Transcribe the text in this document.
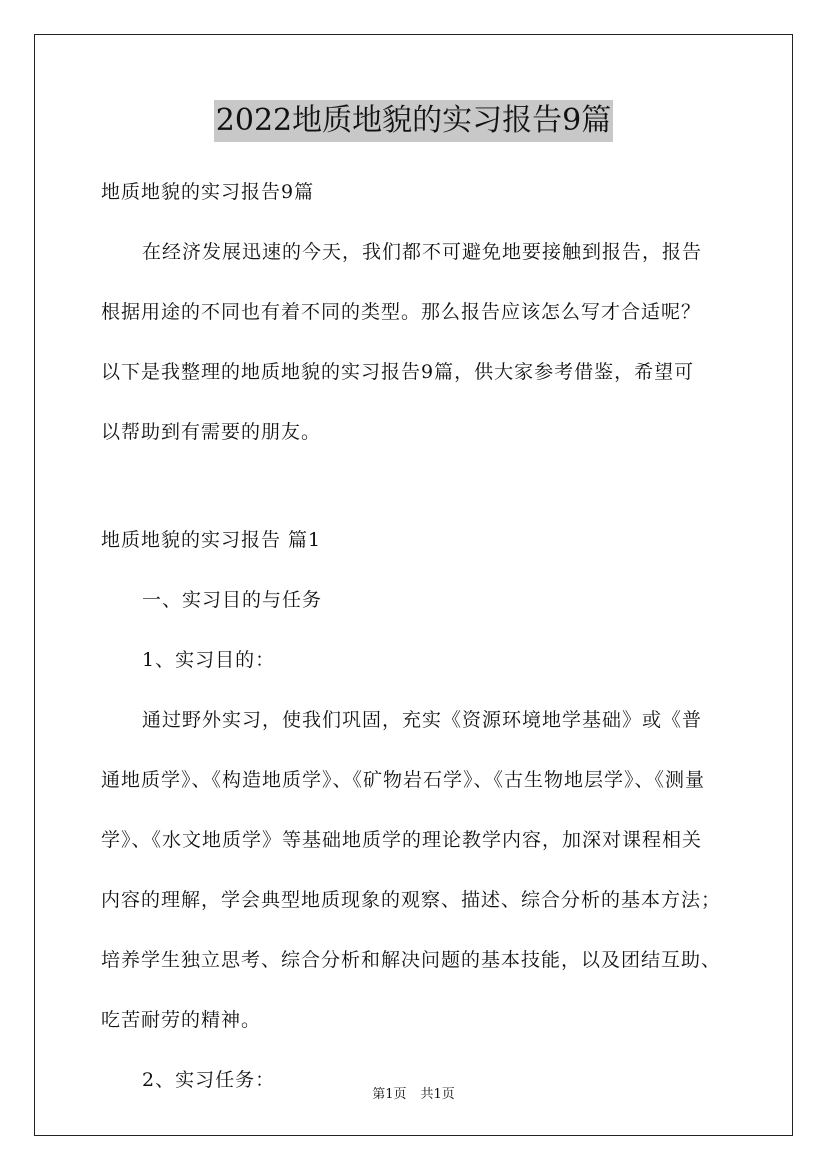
2022地质地貌的实习报告9篇
地质地貌的实习报告9篇
在经济发展迅速的今天，我们都不可避免地要接触到报告，报告
根据用途的不同也有着不同的类型。那么报告应该怎么写才合适呢？
以下是我整理的地质地貌的实习报告9篇，供大家参考借鉴，希望可
以帮助到有需要的朋友。
地质地貌的实习报告 篇1
一、实习目的与任务
1、实习目的：
通过野外实习，使我们巩固，充实《资源环境地学基础》或《普
通地质学》、《构造地质学》、《矿物岩石学》、《古生物地层学》、《测量
学》、《水文地质学》等基础地质学的理论教学内容，加深对课程相关
内容的理解，学会典型地质现象的观察、描述、综合分析的基本方法；
培养学生独立思考、综合分析和解决问题的基本技能，以及团结互助、
吃苦耐劳的精神。
2、实习任务：
第1页 共1页
